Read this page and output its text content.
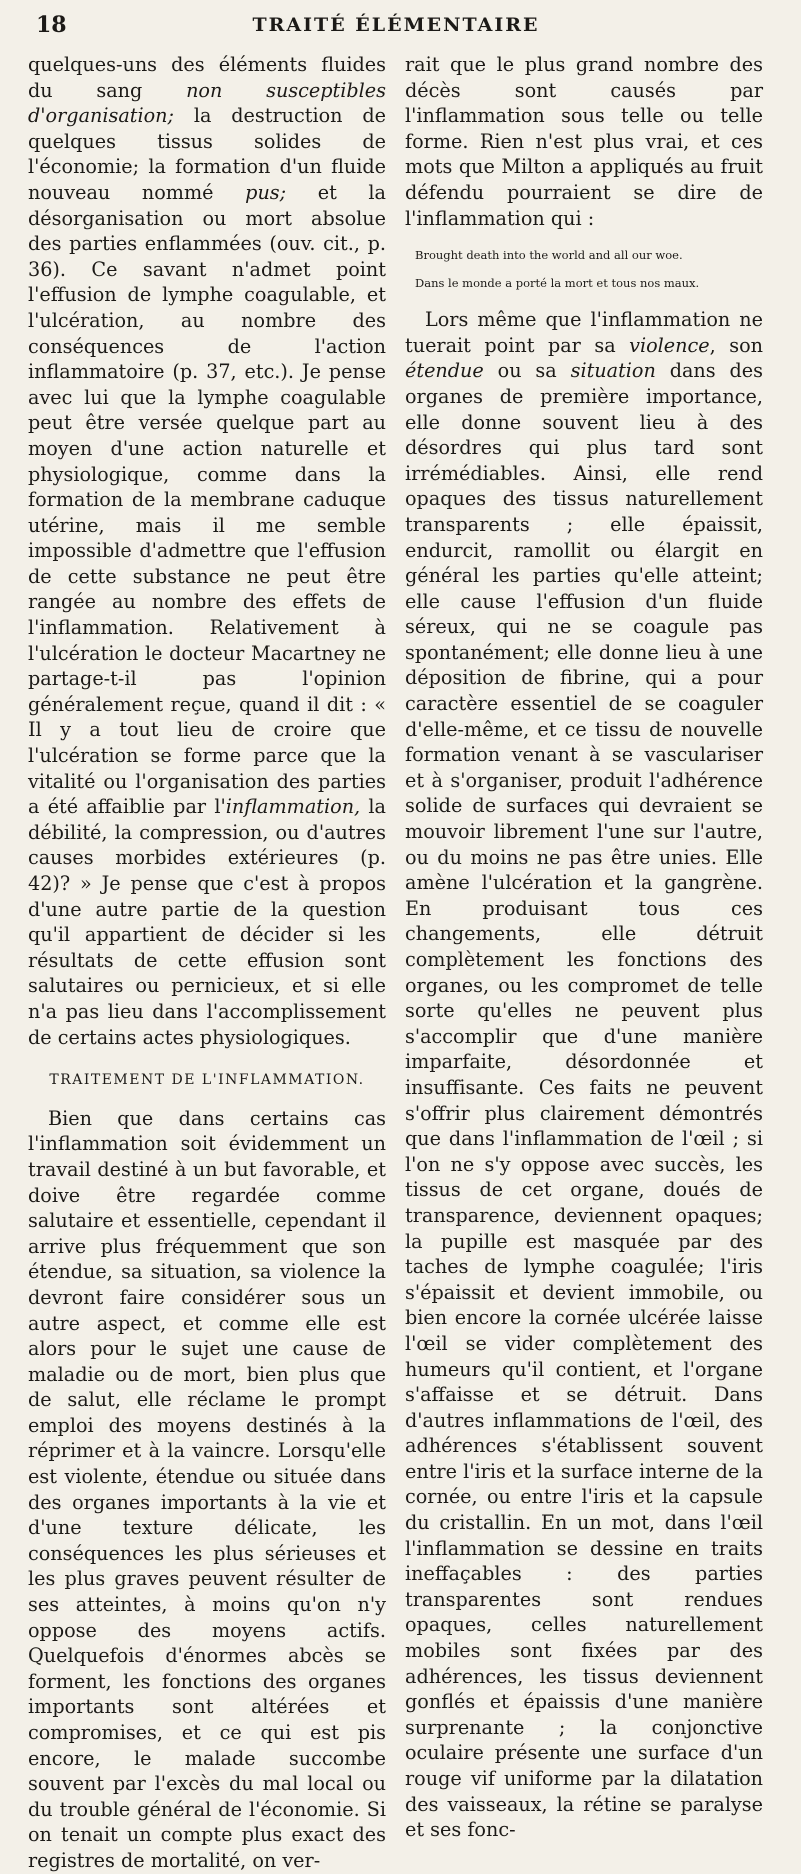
18	TRAITÉ ÉLÉMENTAIRE

quelques-uns des éléments fluides du sang non susceptibles d'organisation; la destruction de quelques tissus solides de l'économie; la formation d'un fluide nouveau nommé pus; et la désorganisation ou mort absolue des parties enflammées (ouv. cit., p. 36). Ce savant n'admet point l'effusion de lymphe coagulable, et l'ulcération, au nombre des conséquences de l'action inflammatoire (p. 37, etc.). Je pense avec lui que la lymphe coagulable peut être versée quelque part au moyen d'une action naturelle et physiologique, comme dans la formation de la membrane caduque utérine, mais il me semble impossible d'admettre que l'effusion de cette substance ne peut être rangée au nombre des effets de l'inflammation. Relativement à l'ulcération le docteur Macartney ne partage-t-il pas l'opinion généralement reçue, quand il dit : « Il y a tout lieu de croire que l'ulcération se forme parce que la vitalité ou l'organisation des parties a été affaiblie par l'inflammation, la débilité, la compression, ou d'autres causes morbides extérieures (p. 42)? » Je pense que c'est à propos d'une autre partie de la question qu'il appartient de décider si les résultats de cette effusion sont salutaires ou pernicieux, et si elle n'a pas lieu dans l'accomplissement de certains actes physiologiques.

TRAITEMENT DE L'INFLAMMATION.

Bien que dans certains cas l'inflammation soit évidemment un travail destiné à un but favorable, et doive être regardée comme salutaire et essentielle, cependant il arrive plus fréquemment que son étendue, sa situation, sa violence la devront faire considérer sous un autre aspect, et comme elle est alors pour le sujet une cause de maladie ou de mort, bien plus que de salut, elle réclame le prompt emploi des moyens destinés à la réprimer et à la vaincre. Lorsqu'elle est violente, étendue ou située dans des organes importants à la vie et d'une texture délicate, les conséquences les plus sérieuses et les plus graves peuvent résulter de ses atteintes, à moins qu'on n'y oppose des moyens actifs. Quelquefois d'énormes abcès se forment, les fonctions des organes importants sont altérées et compromises, et ce qui est pis encore, le malade succombe souvent par l'excès du mal local ou du trouble général de l'économie. Si on tenait un compte plus exact des registres de mortalité, on ver-

rait que le plus grand nombre des décès sont causés par l'inflammation sous telle ou telle forme. Rien n'est plus vrai, et ces mots que Milton a appliqués au fruit défendu pourraient se dire de l'inflammation qui :

Brought death into the world and all our woe.
Dans le monde a porté la mort et tous nos maux.

Lors même que l'inflammation ne tuerait point par sa violence, son étendue ou sa situation dans des organes de première importance, elle donne souvent lieu à des désordres qui plus tard sont irrémédiables. Ainsi, elle rend opaques des tissus naturellement transparents ; elle épaissit, endurcit, ramollit ou élargit en général les parties qu'elle atteint; elle cause l'effusion d'un fluide séreux, qui ne se coagule pas spontanément; elle donne lieu à une déposition de fibrine, qui a pour caractère essentiel de se coaguler d'elle-même, et ce tissu de nouvelle formation venant à se vasculariser et à s'organiser, produit l'adhérence solide de surfaces qui devraient se mouvoir librement l'une sur l'autre, ou du moins ne pas être unies. Elle amène l'ulcération et la gangrène. En produisant tous ces changements, elle détruit complètement les fonctions des organes, ou les compromet de telle sorte qu'elles ne peuvent plus s'accomplir que d'une manière imparfaite, désordonnée et insuffisante. Ces faits ne peuvent s'offrir plus clairement démontrés que dans l'inflammation de l'œil ; si l'on ne s'y oppose avec succès, les tissus de cet organe, doués de transparence, deviennent opaques; la pupille est masquée par des taches de lymphe coagulée; l'iris s'épaissit et devient immobile, ou bien encore la cornée ulcérée laisse l'œil se vider complètement des humeurs qu'il contient, et l'organe s'affaisse et se détruit. Dans d'autres inflammations de l'œil, des adhérences s'établissent souvent entre l'iris et la surface interne de la cornée, ou entre l'iris et la capsule du cristallin. En un mot, dans l'œil l'inflammation se dessine en traits ineffaçables : des parties transparentes sont rendues opaques, celles naturellement mobiles sont fixées par des adhérences, les tissus deviennent gonflés et épaissis d'une manière surprenante ; la conjonctive oculaire présente une surface d'un rouge vif uniforme par la dilatation des vaisseaux, la rétine se paralyse et ses fonc-
